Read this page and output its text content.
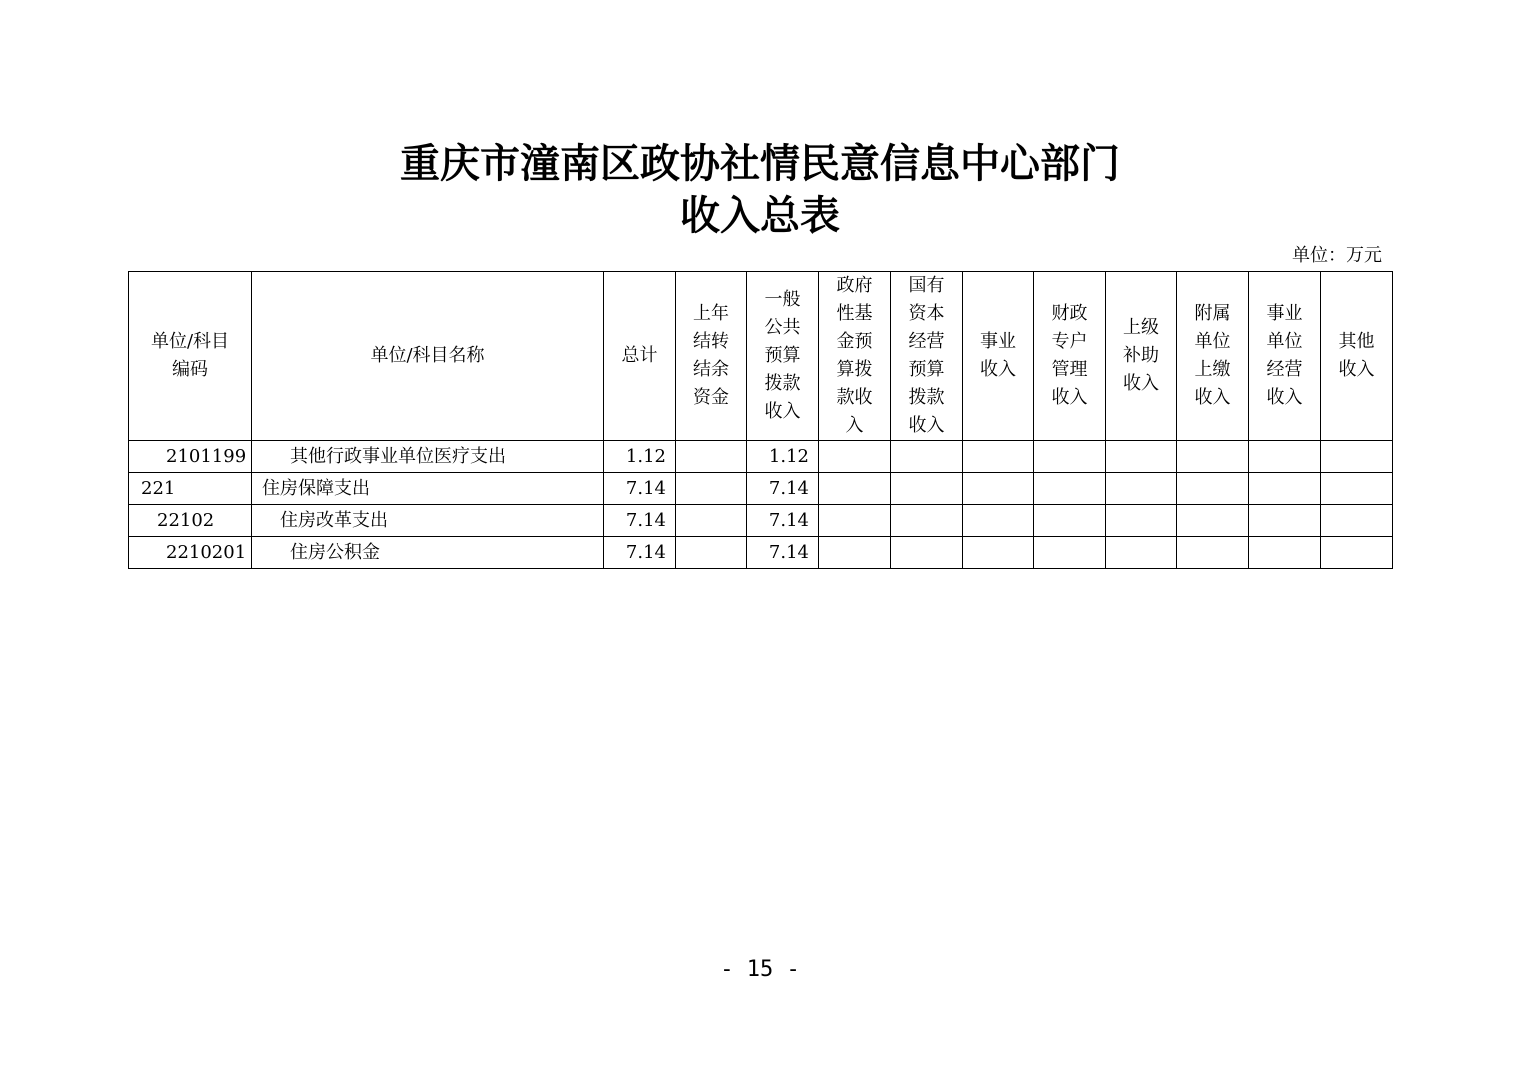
重庆市潼南区政协社情民意信息中心部门
收入总表
单位：万元
单位/科目编码	单位/科目名称	总计	上年结转结余资金	一般公共预算拨款收入	政府性基金预算拨款收入	国有资本经营预算拨款收入	事业收入	财政专户管理收入	上级补助收入	附属单位上缴收入	事业单位经营收入	其他收入
2101199	其他行政事业单位医疗支出	1.12		1.12								
221	住房保障支出	7.14		7.14								
22102	住房改革支出	7.14		7.14								
2210201	住房公积金	7.14		7.14								
- 15 -
